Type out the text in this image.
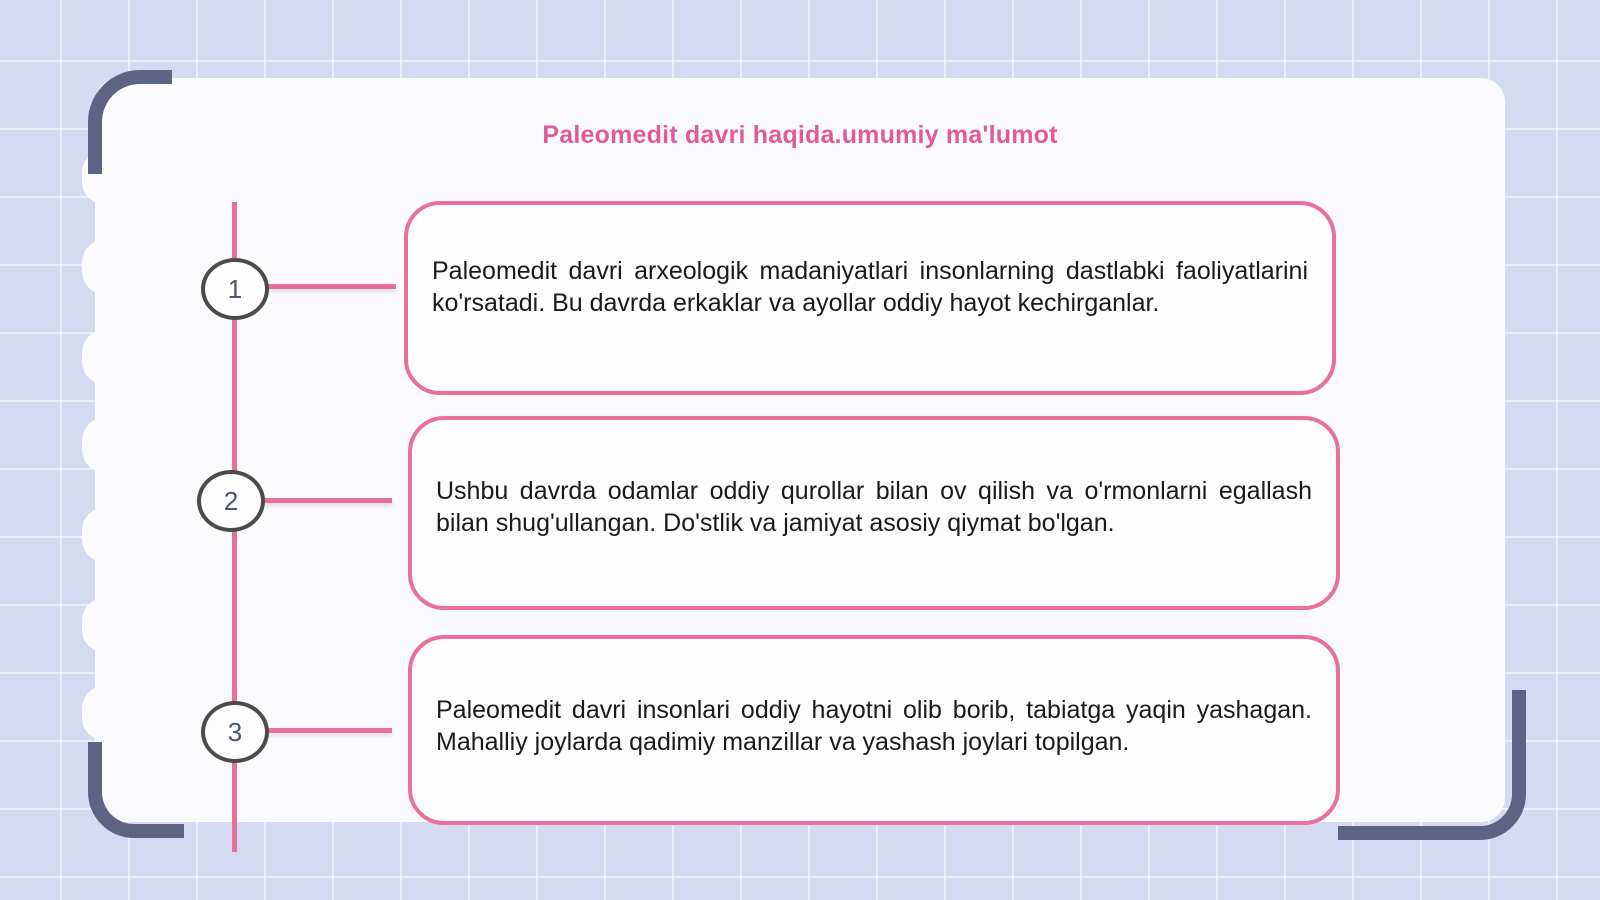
Paleomedit davri haqida.umumiy ma'lumot
1
Paleomedit davri arxeologik madaniyatlari insonlarning dastlabki faoliyatlarini ko'rsatadi. Bu davrda erkaklar va ayollar oddiy hayot kechirganlar.
2	Ushbu davrda odamlar oddiy qurollar bilan ov qilish va o'rmonlarni egallash bilan shug'ullangan. Do'stlik va jamiyat asosiy qiymat bo'lgan.
3
Paleomedit davri insonlari oddiy hayotni olib borib, tabiatga yaqin yashagan. Mahalliy joylarda qadimiy manzillar va yashash joylari topilgan.
